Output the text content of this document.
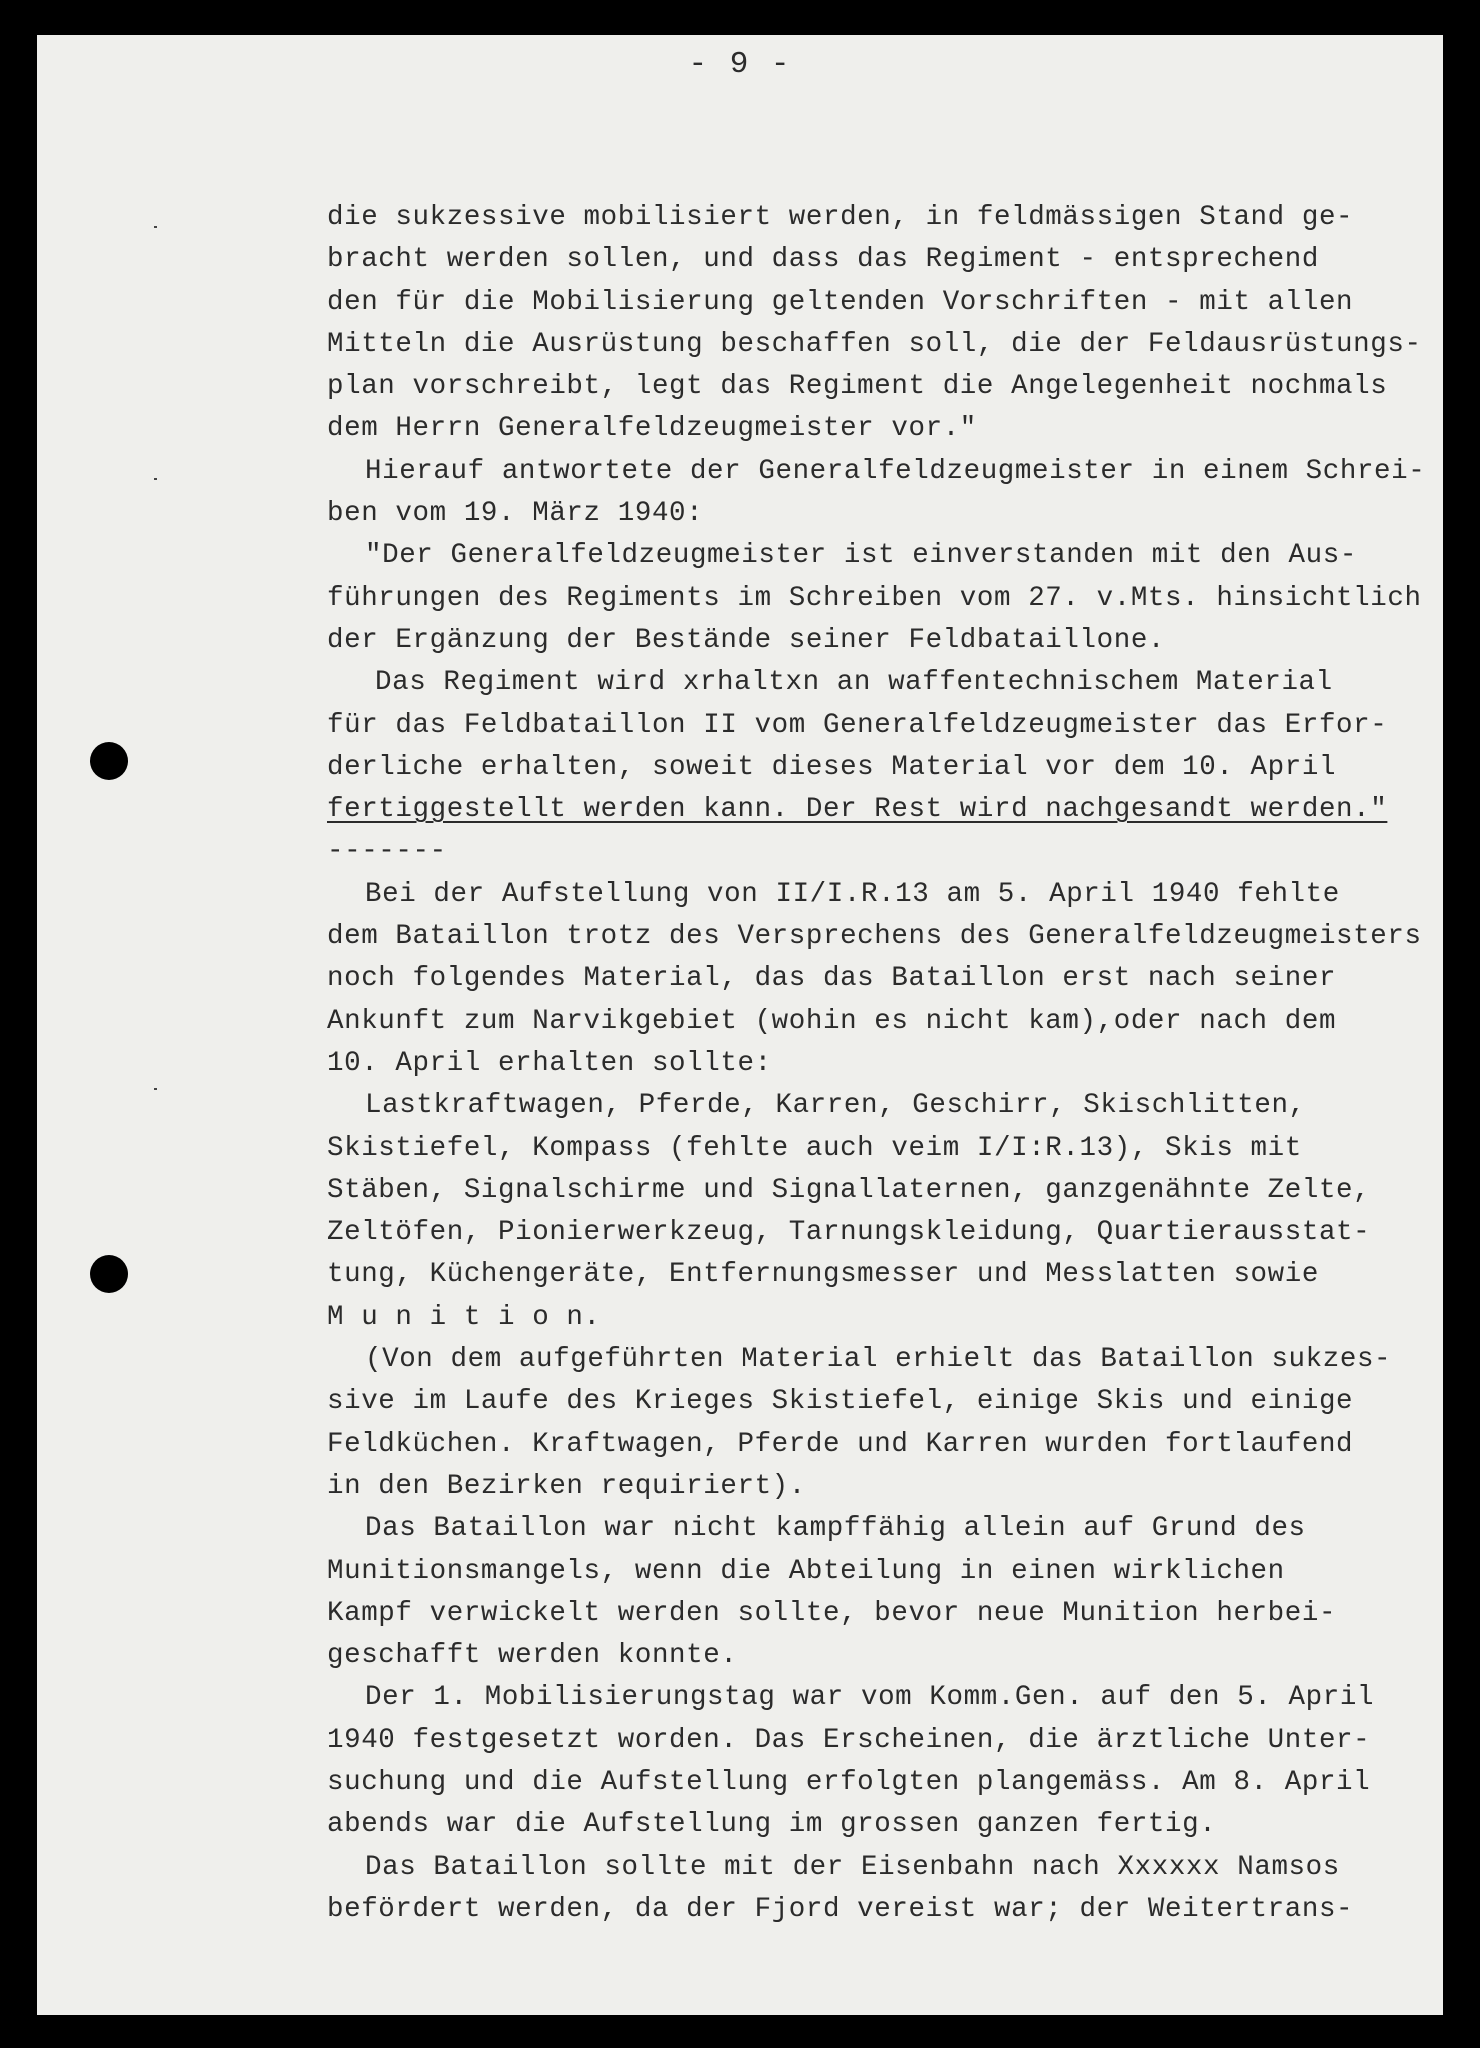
- 9 -
die sukzessive mobilisiert werden, in feldmässigen Stand ge-
bracht werden sollen, und dass das Regiment - entsprechend
den für die Mobilisierung geltenden Vorschriften - mit allen
Mitteln die Ausrüstung beschaffen soll, die der Feldausrüstungs-
plan vorschreibt, legt das Regiment die Angelegenheit nochmals
dem Herrn Generalfeldzeugmeister vor."
Hierauf antwortete der Generalfeldzeugmeister in einem Schrei-
ben vom 19. März 1940:
"Der Generalfeldzeugmeister ist einverstanden mit den Aus-
führungen des Regiments im Schreiben vom 27. v.Mts. hinsichtlich
der Ergänzung der Bestände seiner Feldbataillone.
Das Regiment wird xrhaltxn an waffentechnischem Material
für das Feldbataillon II vom Generalfeldzeugmeister das Erfor-
derliche erhalten, soweit dieses Material vor dem 10. April
fertiggestellt werden kann. Der Rest wird nachgesandt werden."
-------
Bei der Aufstellung von II/I.R.13 am 5. April 1940 fehlte
dem Bataillon trotz des Versprechens des Generalfeldzeugmeisters
noch folgendes Material, das das Bataillon erst nach seiner
Ankunft zum Narvikgebiet (wohin es nicht kam),oder nach dem
10. April erhalten sollte:
Lastkraftwagen, Pferde, Karren, Geschirr, Skischlitten,
Skistiefel, Kompass (fehlte auch veim I/I:R.13), Skis mit
Stäben, Signalschirme und Signallaternen, ganzgenähnte Zelte,
Zeltöfen, Pionierwerkzeug, Tarnungskleidung, Quartierausstat-
tung, Küchengeräte, Entfernungsmesser und Messlatten sowie
M u n i t i o n.
(Von dem aufgeführten Material erhielt das Bataillon sukzes-
sive im Laufe des Krieges Skistiefel, einige Skis und einige
Feldküchen. Kraftwagen, Pferde und Karren wurden fortlaufend
in den Bezirken requiriert).
Das Bataillon war nicht kampffähig allein auf Grund des
Munitionsmangels, wenn die Abteilung in einen wirklichen
Kampf verwickelt werden sollte, bevor neue Munition herbei-
geschafft werden konnte.
Der 1. Mobilisierungstag war vom Komm.Gen. auf den 5. April
1940 festgesetzt worden. Das Erscheinen, die ärztliche Unter-
suchung und die Aufstellung erfolgten plangemäss. Am 8. April
abends war die Aufstellung im grossen ganzen fertig.
Das Bataillon sollte mit der Eisenbahn nach Xxxxxx Namsos
befördert werden, da der Fjord vereist war; der Weitertrans-
